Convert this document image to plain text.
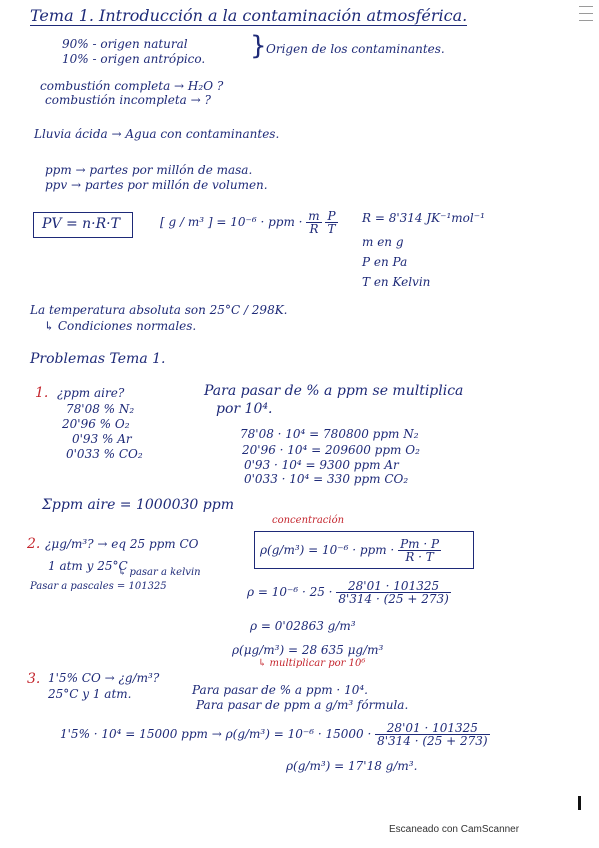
Tema 1. Introducción a la contaminación atmosférica.
90% - origen natural
10% - origen antrópico. } Origen de los contaminantes.
combustión completa → H₂O ?
combustión incompleta → ?
Lluvia ácida → Agua con contaminantes.
ppm → partes por millón de masa.
ppv → partes por millón de volumen.
PV = n·R·T	[ g / m³ ] = 10⁻⁶ · ppm · $\frac{m}{R}$
$\frac{P}{T}$ R = 8'314 JK⁻¹mol⁻¹
m en g
P en Pa
T en Kelvin
La temperatura absoluta son 25°C / 298K.
↳ Condiciones normales.
Problemas Tema 1.
1. ¿ppm aire?
78'08 % N₂
20'96 % O₂
0'93 % Ar
0'033 % CO₂
Para pasar de % a ppm se multiplica
por 10⁴.
78'08 · 10⁴ = 780800 ppm N₂
20'96 · 10⁴ = 209600 ppm O₂
0'93 · 10⁴ = 9300 ppm Ar
0'033 · 10⁴ = 330 ppm CO₂
Σppm aire = 1000030 ppm
2. ¿μg/m³? → eq 25 ppm CO
1 atm y 25°C
↳ pasar a kelvin
Pasar a pascales = 101325
concentración
ρ(g/m³) = 10⁻⁶ · ppm · $\frac{Pm \cdot P}{R \cdot T}$
$\rho = 10^{-6} \cdot 25 \cdot \frac{28'01 \cdot 101325}{8'314 \cdot (25 + 273)}$
ρ = 0'02863 g/m³
ρ(μg/m³) = 28 635 μg/m³
↳ multiplicar por 10⁶
3. 1'5% CO → ¿g/m³?
25°C y 1 atm.	Para pasar de % a ppm · 10⁴.
Para pasar de ppm a g/m³ fórmula.
1'5% · 10⁴ = 15000 ppm → $\rho(g/m^3) = 10^{-6} \cdot 15000 \cdot \frac{28'01 \cdot 101325}{8'314 \cdot (25 + 273)}$
ρ(g/m³) = 17'18 g/m³.
Escaneado con CamScanner
